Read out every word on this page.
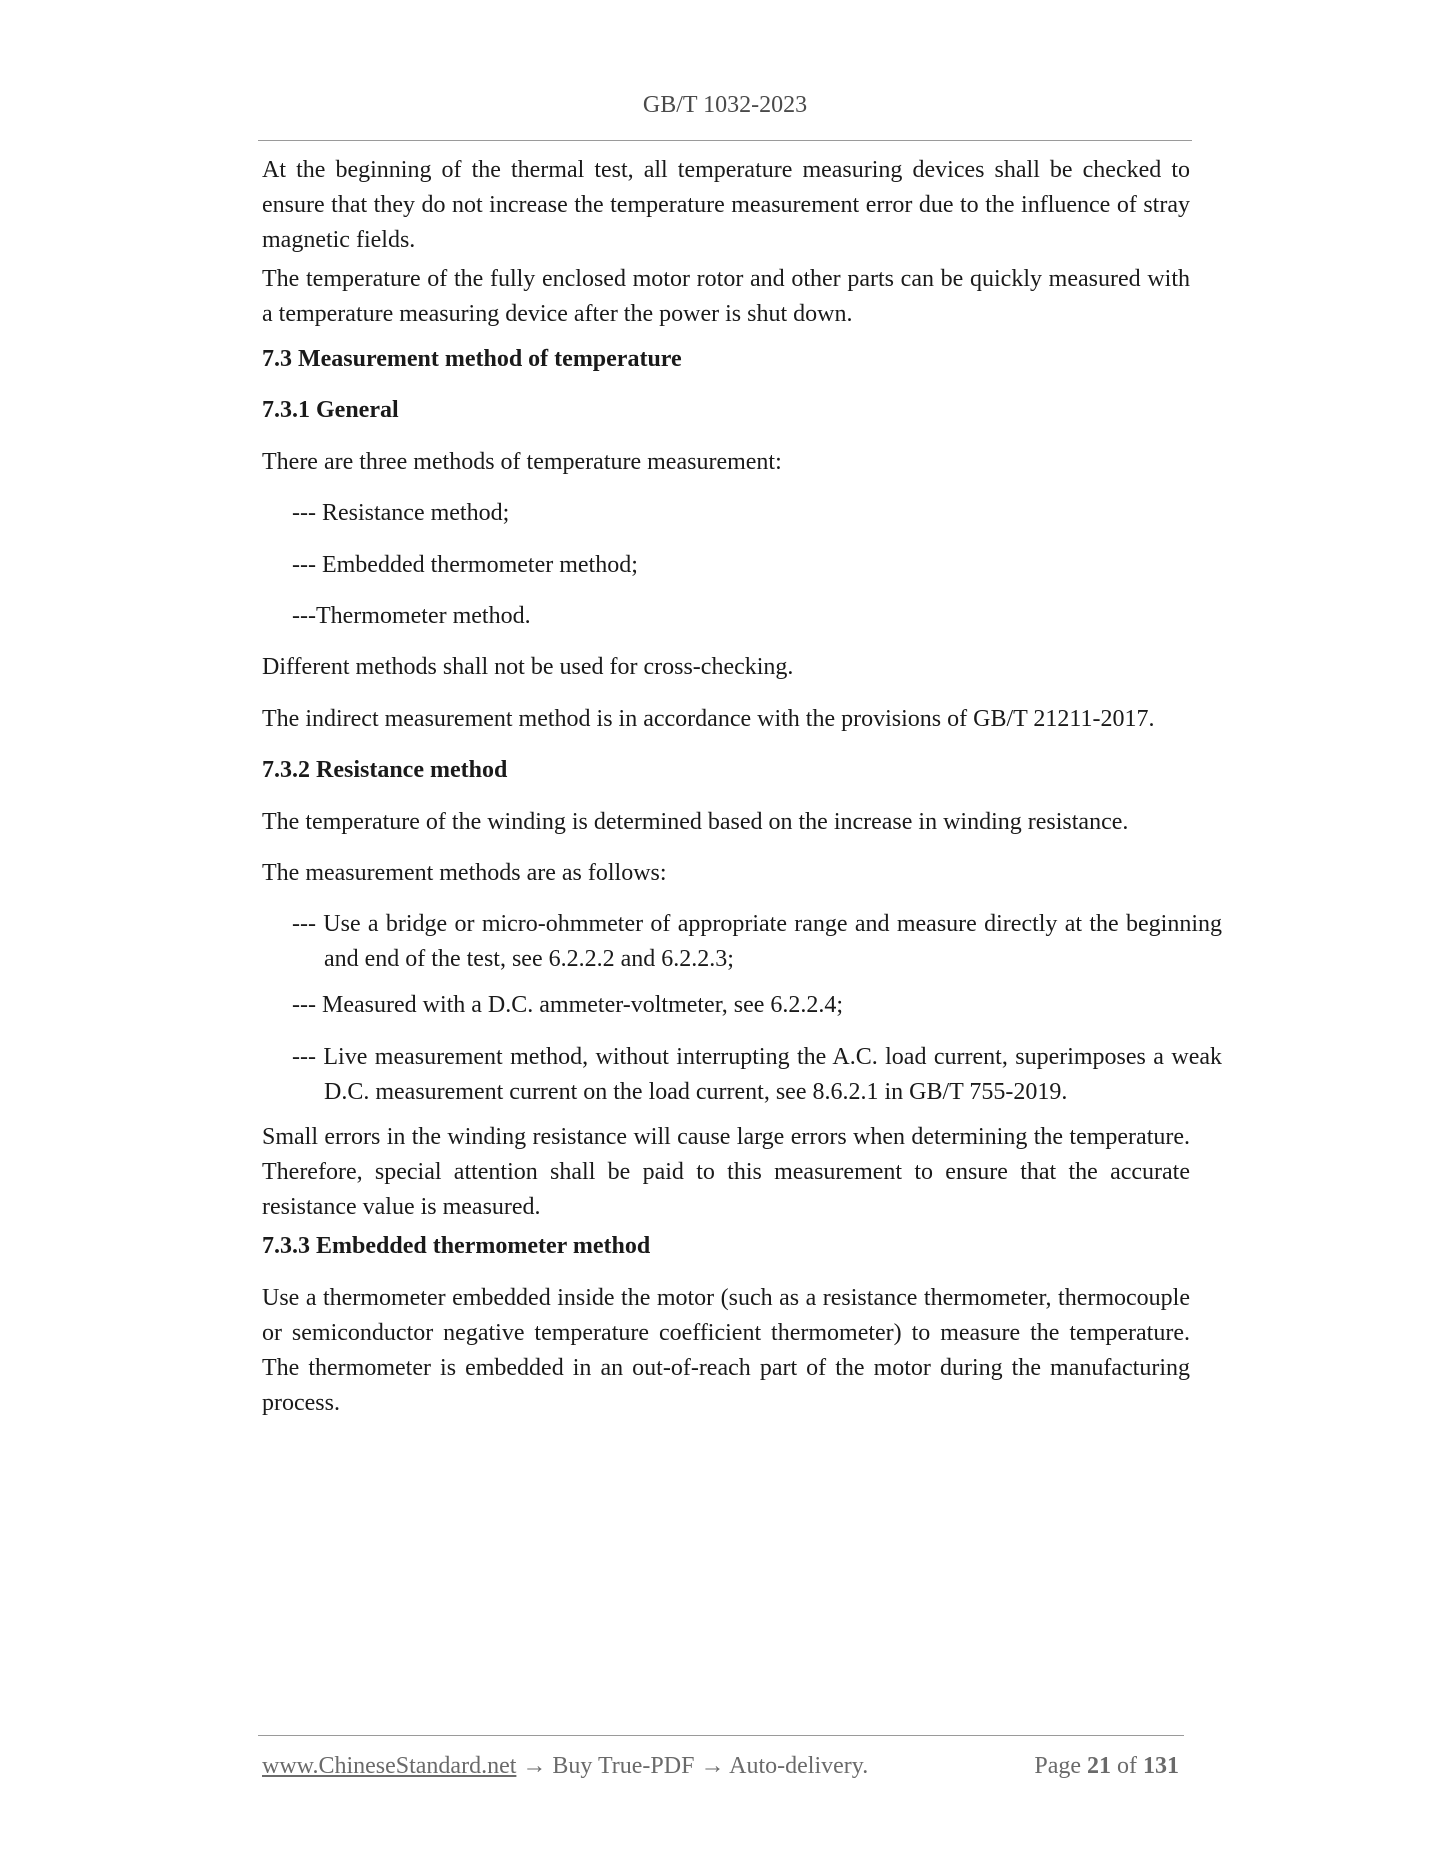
GB/T 1032-2023

At the beginning of the thermal test, all temperature measuring devices shall be checked to ensure that they do not increase the temperature measurement error due to the influence of stray magnetic fields.

The temperature of the fully enclosed motor rotor and other parts can be quickly measured with a temperature measuring device after the power is shut down.

7.3 Measurement method of temperature

7.3.1 General

There are three methods of temperature measurement:

--- Resistance method;

--- Embedded thermometer method;

---Thermometer method.

Different methods shall not be used for cross-checking.

The indirect measurement method is in accordance with the provisions of GB/T 21211-2017.

7.3.2 Resistance method

The temperature of the winding is determined based on the increase in winding resistance.

The measurement methods are as follows:

--- Use a bridge or micro-ohmmeter of appropriate range and measure directly at the beginning and end of the test, see 6.2.2.2 and 6.2.2.3;

--- Measured with a D.C. ammeter-voltmeter, see 6.2.2.4;

--- Live measurement method, without interrupting the A.C. load current, superimposes a weak D.C. measurement current on the load current, see 8.6.2.1 in GB/T 755-2019.

Small errors in the winding resistance will cause large errors when determining the temperature. Therefore, special attention shall be paid to this measurement to ensure that the accurate resistance value is measured.

7.3.3 Embedded thermometer method

Use a thermometer embedded inside the motor (such as a resistance thermometer, thermocouple or semiconductor negative temperature coefficient thermometer) to measure the temperature. The thermometer is embedded in an out-of-reach part of the motor during the manufacturing process.

www.ChineseStandard.net → Buy True-PDF → Auto-delivery.	Page 21 of 131
